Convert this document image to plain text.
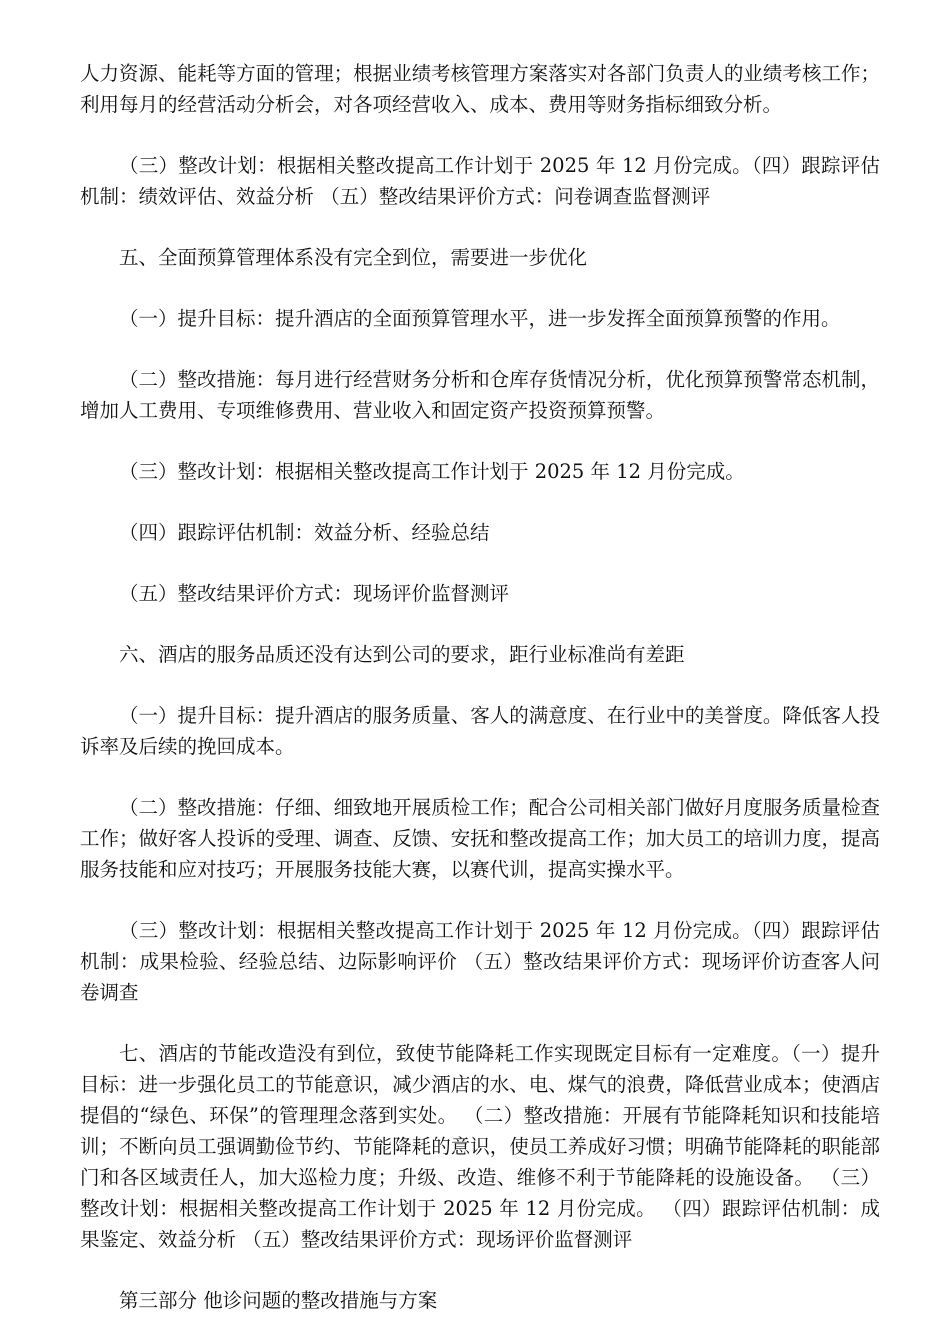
人力资源、能耗等方面的管理；根据业绩考核管理方案落实对各部门负责人的业绩考核工作；利用每月的经营活动分析会，对各项经营收入、成本、费用等财务指标细致分析。

（三）整改计划：根据相关整改提高工作计划于 2025 年 12 月份完成。（四）跟踪评估机制：绩效评估、效益分析 （五）整改结果评价方式：问卷调查监督测评

五、全面预算管理体系没有完全到位，需要进一步优化

（一）提升目标：提升酒店的全面预算管理水平，进一步发挥全面预算预警的作用。

（二）整改措施：每月进行经营财务分析和仓库存货情况分析，优化预算预警常态机制，增加人工费用、专项维修费用、营业收入和固定资产投资预算预警。

（三）整改计划：根据相关整改提高工作计划于 2025 年 12 月份完成。

（四）跟踪评估机制：效益分析、经验总结

（五）整改结果评价方式：现场评价监督测评

六、酒店的服务品质还没有达到公司的要求，距行业标准尚有差距

（一）提升目标：提升酒店的服务质量、客人的满意度、在行业中的美誉度。降低客人投诉率及后续的挽回成本。

（二）整改措施：仔细、细致地开展质检工作；配合公司相关部门做好月度服务质量检查工作；做好客人投诉的受理、调查、反馈、安抚和整改提高工作；加大员工的培训力度，提高服务技能和应对技巧；开展服务技能大赛，以赛代训，提高实操水平。

（三）整改计划：根据相关整改提高工作计划于 2025 年 12 月份完成。（四）跟踪评估机制：成果检验、经验总结、边际影响评价 （五）整改结果评价方式：现场评价访查客人问卷调查

七、酒店的节能改造没有到位，致使节能降耗工作实现既定目标有一定难度。（一）提升目标：进一步强化员工的节能意识，减少酒店的水、电、煤气的浪费，降低营业成本；使酒店提倡的“绿色、环保”的管理理念落到实处。 （二）整改措施：开展有节能降耗知识和技能培训；不断向员工强调勤俭节约、节能降耗的意识，使员工养成好习惯；明确节能降耗的职能部门和各区域责任人，加大巡检力度；升级、改造、维修不利于节能降耗的设施设备。 （三）整改计划：根据相关整改提高工作计划于 2025 年 12 月份完成。 （四）跟踪评估机制：成果鉴定、效益分析 （五）整改结果评价方式：现场评价监督测评

第三部分 他诊问题的整改措施与方案
